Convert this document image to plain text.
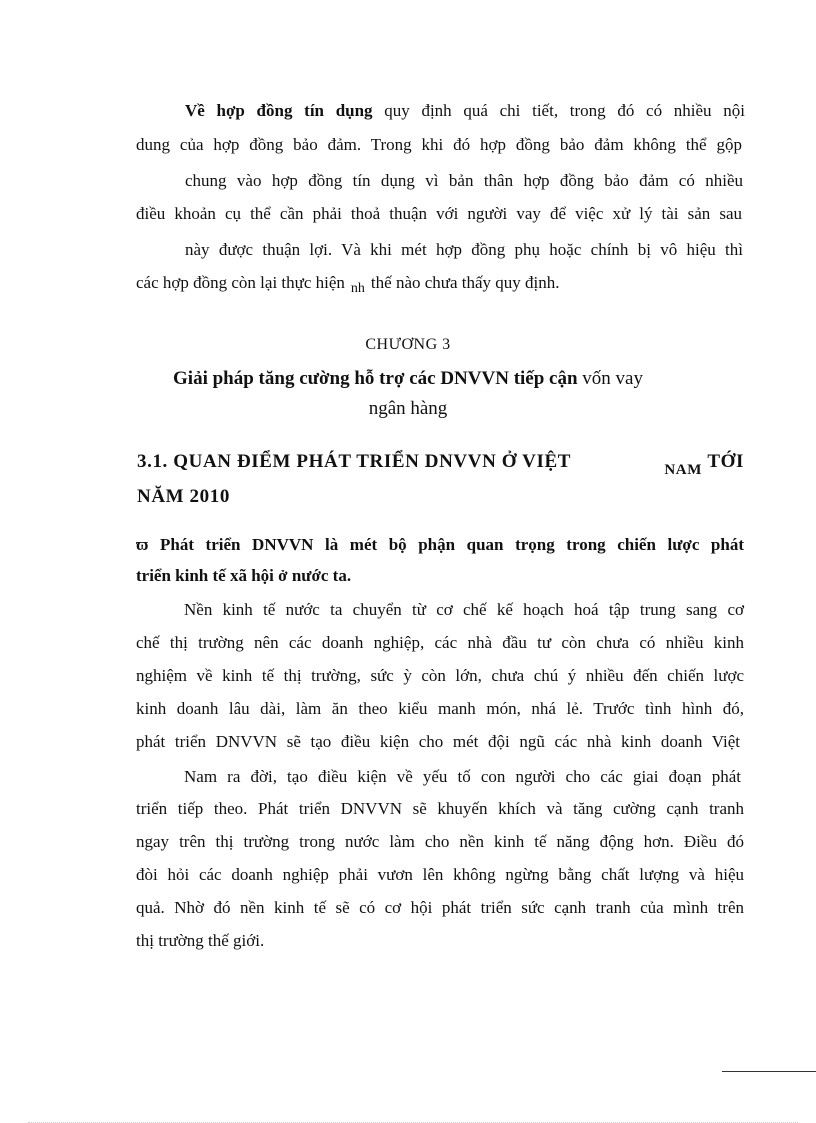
Về hợp đồng tín dụng quy định quá chi tiết, trong đó có nhiều nội
dung của hợp đồng bảo đảm. Trong khi đó hợp đồng bảo đảm không thể gộp
chung vào hợp đồng tín dụng vì bản thân hợp đồng bảo đảm có nhiều
điều khoản cụ thể cần phải thoả thuận với người vay để việc xử lý tài sản sau
này được thuận lợi. Và khi mét hợp đồng phụ hoặc chính bị vô hiệu thì
các hợp đồng còn lại thực hiện $_{nh}$ thế nào chưa thấy quy định.
CHƯƠNG 3
Giải pháp tăng cường hỗ trợ các DNVVN tiếp cận vốn vay
ngân hàng
3.1. QUAN ĐIỂM PHÁT TRIỂN DNVVN Ở VIỆT	$_{NAM}$ TỚI
NĂM 2010
ϖ Phát triển DNVVN là mét bộ phận quan trọng trong chiến lược phát
triển kinh tế xã hội ở nước ta.
Nền kinh tế nước ta chuyển từ cơ chế kế hoạch hoá tập trung sang cơ
chế thị trường nên các doanh nghiệp, các nhà đầu tư còn chưa có nhiều kinh
nghiệm về kinh tế thị trường, sức ỳ còn lớn, chưa chú ý nhiều đến chiến lược
kinh doanh lâu dài, làm ăn theo kiểu manh món, nhá lẻ. Trước tình hình đó,
phát triển DNVVN sẽ tạo điều kiện cho mét đội ngũ các nhà kinh doanh Việt
Nam ra đời, tạo điều kiện về yếu tố con người cho các giai đoạn phát
triển tiếp theo. Phát triển DNVVN sẽ khuyến khích và tăng cường cạnh tranh
ngay trên thị trường trong nước làm cho nền kinh tế năng động hơn. Điều đó
đòi hỏi các doanh nghiệp phải vươn lên không ngừng bằng chất lượng và hiệu
quả. Nhờ đó nền kinh tế sẽ có cơ hội phát triển sức cạnh tranh của mình trên
thị trường thế giới.
